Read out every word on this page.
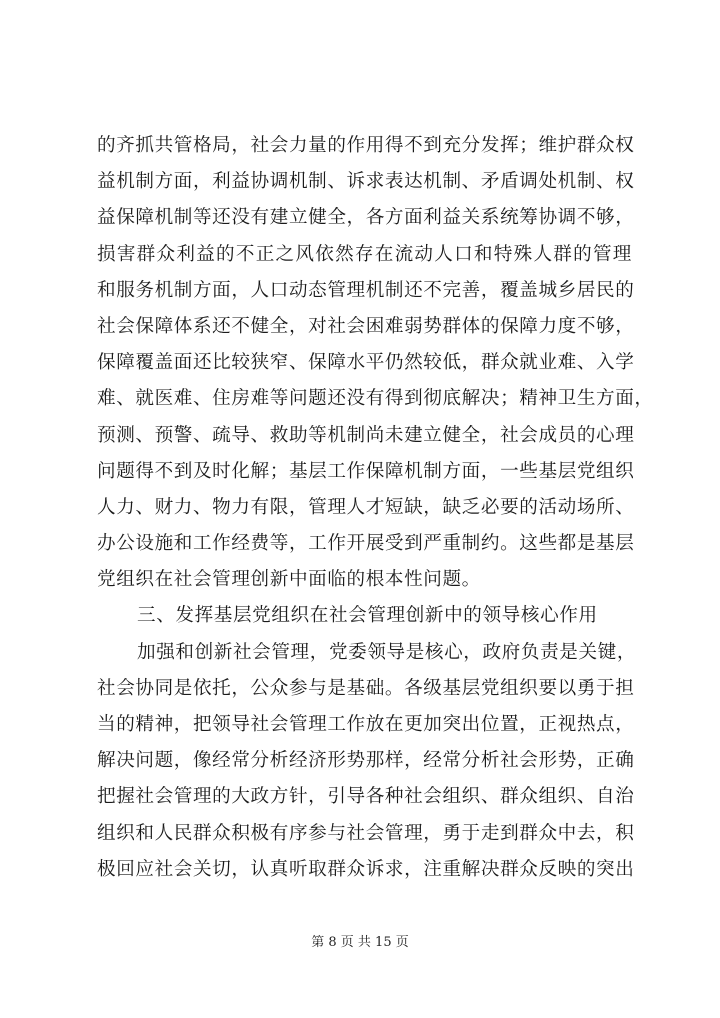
的齐抓共管格局，社会力量的作用得不到充分发挥；维护群众权
益机制方面，利益协调机制、诉求表达机制、矛盾调处机制、权
益保障机制等还没有建立健全，各方面利益关系统筹协调不够，
损害群众利益的不正之风依然存在流动人口和特殊人群的管理
和服务机制方面，人口动态管理机制还不完善，覆盖城乡居民的
社会保障体系还不健全，对社会困难弱势群体的保障力度不够，
保障覆盖面还比较狭窄、保障水平仍然较低，群众就业难、入学
难、就医难、住房难等问题还没有得到彻底解决；精神卫生方面，
预测、预警、疏导、救助等机制尚未建立健全，社会成员的心理
问题得不到及时化解；基层工作保障机制方面，一些基层党组织
人力、财力、物力有限，管理人才短缺，缺乏必要的活动场所、
办公设施和工作经费等，工作开展受到严重制约。这些都是基层
党组织在社会管理创新中面临的根本性问题。
三、发挥基层党组织在社会管理创新中的领导核心作用
加强和创新社会管理，党委领导是核心，政府负责是关键，
社会协同是依托，公众参与是基础。各级基层党组织要以勇于担
当的精神，把领导社会管理工作放在更加突出位置，正视热点，
解决问题，像经常分析经济形势那样，经常分析社会形势，正确
把握社会管理的大政方针，引导各种社会组织、群众组织、自治
组织和人民群众积极有序参与社会管理，勇于走到群众中去，积
极回应社会关切，认真听取群众诉求，注重解决群众反映的突出
第 8 页 共 15 页
